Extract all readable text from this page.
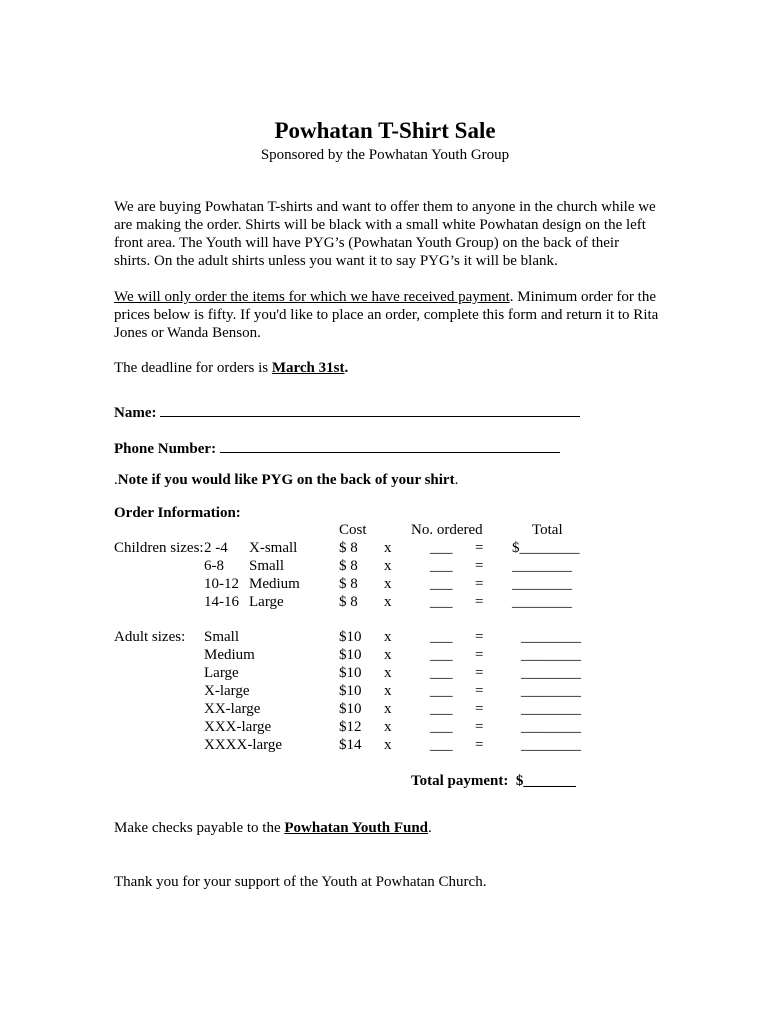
Powhatan T-Shirt Sale
Sponsored by the Powhatan Youth Group
We are buying Powhatan T-shirts and want to offer them to anyone in the church while we are making the order. Shirts will be black with a small white Powhatan design on the left front area. The Youth will have PYG’s (Powhatan Youth Group) on the back of their shirts. On the adult shirts unless you want it to say PYG’s it will be blank.
We will only order the items for which we have received payment. Minimum order for the prices below is fifty. If you'd like to place an order, complete this form and return it to Rita Jones or Wanda Benson.
The deadline for orders is March 31st.
Name:
Phone Number:
.Note if you would like PYG on the back of your shirt.
Order Information:
Cost	No. ordered	Total
Children sizes: 2 -4 X-small	$ 8 x	___ = $________
6-8 Small	$ 8 x	___ = ________
10-12 Medium	$ 8 x	___ = ________
14-16 Large	$ 8 x	___ = ________
Adult sizes: Small	$10 x	___ =	________
Medium	$10 x	___ =	________
Large	$10 x	___ =	________
X-large	$10 x	___ =	________
XX-large	$10 x	___ =	________
XXX-large	$12 x	___ =	________
XXXX-large	$14 x	___ =	________
Total payment: $_______
Make checks payable to the Powhatan Youth Fund.
Thank you for your support of the Youth at Powhatan Church.
